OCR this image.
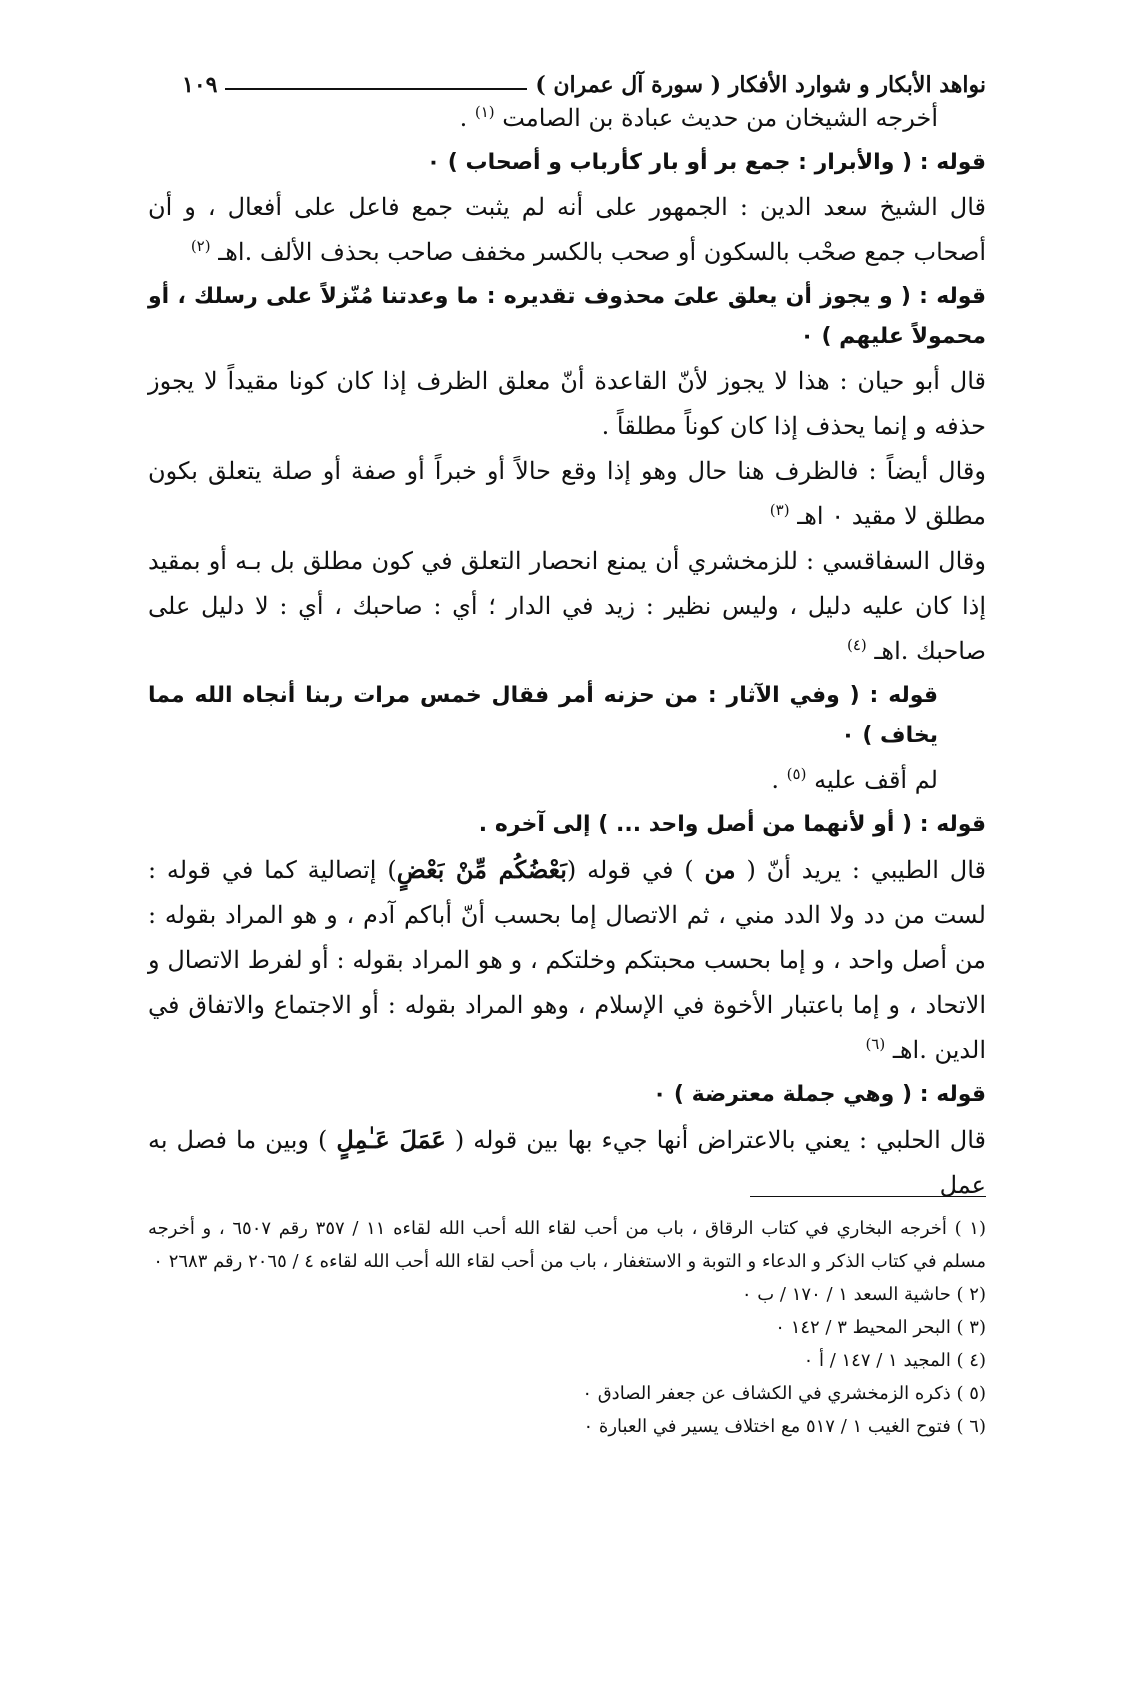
نواهد الأبكار و شوارد الأفكار ( سورة آل عمران )
١٠٩

أخرجه الشيخان من حديث عبادة بن الصامت $^{(١)}$ .

قوله : ( والأبرار : جمع بر أو بار كأرباب و أصحاب ) ٠

قال الشيخ سعد الدين : الجمهور على أنه لم يثبت جمع فاعل على أفعال ، و أن أصحاب جمع صحْب بالسكون أو صحب بالكسر مخفف صاحب بحذف الألف .اهـ $^{(٢)}$

قوله : ( و يجوز أن يعلق علىَ محذوف تقديره : ما وعدتنا مُنّزلاً على رسلك ، أو محمولاً عليهم ) ٠

قال أبو حيان : هذا لا يجوز لأنّ القاعدة أنّ معلق الظرف إذا كان كونا مقيداً لا يجوز حذفه و إنما يحذف إذا كان كوناً مطلقاً .

وقال أيضاً : فالظرف هنا حال وهو إذا وقع حالاً أو خبراً أو صفة أو صلة يتعلق بكون مطلق لا مقيد ٠ اهـ $^{(٣)}$

وقال السفاقسي : للزمخشري أن يمنع انحصار التعلق في كون مطلق بل بـه أو بمقيد إذا كان عليه دليل ، وليس نظير : زيد في الدار ؛ أي : صاحبك ، أي : لا دليل على صاحبك .اهـ $^{(٤)}$

قوله : ( وفي الآثار : من حزنه أمر فقال خمس مرات ربنا أنجاه الله مما يخاف ) ٠

لم أقف عليه $^{(٥)}$ .

قوله : ( أو لأنهما من أصل واحد ... ) إلى آخره .

قال الطيبي : يريد أنّ ( من ) في قوله (بَعْضُكُم مِّنْ بَعْضٍ) إتصالية كما في قوله : لست من دد ولا الدد مني ، ثم الاتصال إما بحسب أنّ أباكم آدم ، و هو المراد بقوله : من أصل واحد ، و إما بحسب محبتكم وخلتكم ، و هو المراد بقوله : أو لفرط الاتصال و الاتحاد ، و إما باعتبار الأخوة في الإسلام ، وهو المراد بقوله : أو الاجتماع والاتفاق في الدين .اهـ $^{(٦)}$

قوله : ( وهي جملة معترضة ) ٠

قال الحلبي : يعني بالاعتراض أنها جيء بها بين قوله ( عَمَلَ عَـٰمِلٍ ) وبين ما فصل به عمل

(١ ) أخرجه البخاري في كتاب الرقاق ، باب من أحب لقاء الله أحب الله لقاءه ١١ / ٣٥٧ رقم ٦٥٠٧ ، و أخرجه مسلم في كتاب الذكر و الدعاء و التوبة و الاستغفار ، باب من أحب لقاء الله أحب الله لقاءه ٤ / ٢٠٦٥ رقم ٢٦٨٣ ٠

(٢ ) حاشية السعد ١ / ١٧٠ / ب ٠

(٣ ) البحر المحيط ٣ / ١٤٢ ٠

(٤ ) المجيد ١ / ١٤٧ / أ ٠

(٥ ) ذكره الزمخشري في الكشاف عن جعفر الصادق ٠

(٦ ) فتوح الغيب ١ / ٥١٧ مع اختلاف يسير في العبارة ٠
